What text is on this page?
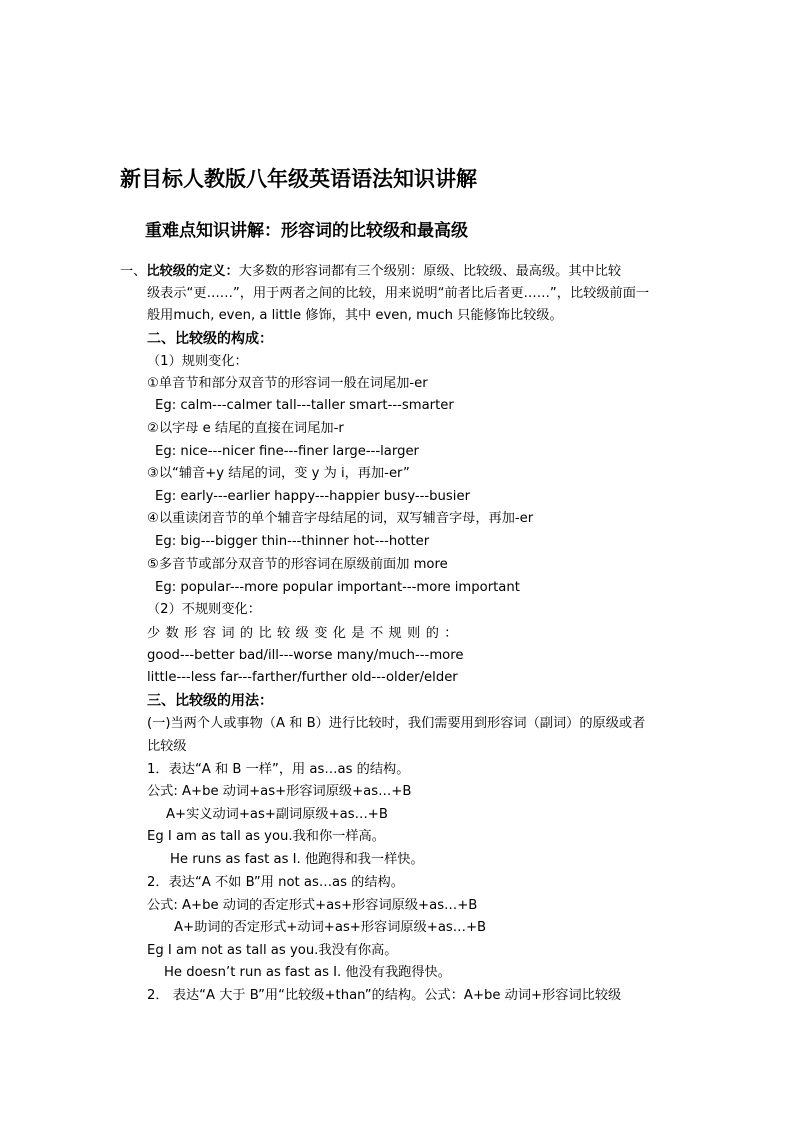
新目标人教版八年级英语语法知识讲解
重难点知识讲解：形容词的比较级和最高级
一、比较级的定义：大多数的形容词都有三个级别：原级、比较级、最高级。其中比较
级表示“更……”，用于两者之间的比较，用来说明“前者比后者更……”，比较级前面一
般用much, even, a little 修饰，其中 even, much 只能修饰比较级。
二、比较级的构成：
（1）规则变化：
①单音节和部分双音节的形容词一般在词尾加-er
Eg: calm---calmer tall---taller smart---smarter
②以字母 e 结尾的直接在词尾加-r
Eg: nice---nicer fine---finer large---larger
③以“辅音+y 结尾的词，变 y 为 i，再加-er”
Eg: early---earlier happy---happier busy---busier
④以重读闭音节的单个辅音字母结尾的词，双写辅音字母，再加-er
Eg: big---bigger thin---thinner hot---hotter
⑤多音节或部分双音节的形容词在原级前面加 more
Eg: popular---more popular important---more important
（2）不规则变化：
少 数 形 容 词 的 比 较 级 变 化 是 不 规 则 的 ：
good---better bad/ill---worse many/much---more
little---less far---farther/further old---older/elder
三、比较级的用法：
(一)当两个人或事物（A 和 B）进行比较时，我们需要用到形容词（副词）的原级或者
比较级
1．表达“A 和 B 一样”，用 as…as 的结构。
公式: A+be 动词+as+形容词原级+as…+B
A+实义动词+as+副词原级+as…+B
Eg I am as tall as you.我和你一样高。
He runs as fast as I. 他跑得和我一样快。
2．表达“A 不如 B”用 not as…as 的结构。
公式: A+be 动词的否定形式+as+形容词原级+as…+B
A+助词的否定形式+动词+as+形容词原级+as…+B
Eg I am not as tall as you.我没有你高。
He doesn’t run as fast as I. 他没有我跑得快。
2． 表达“A 大于 B”用“比较级+than”的结构。公式：A+be 动词+形容词比较级
